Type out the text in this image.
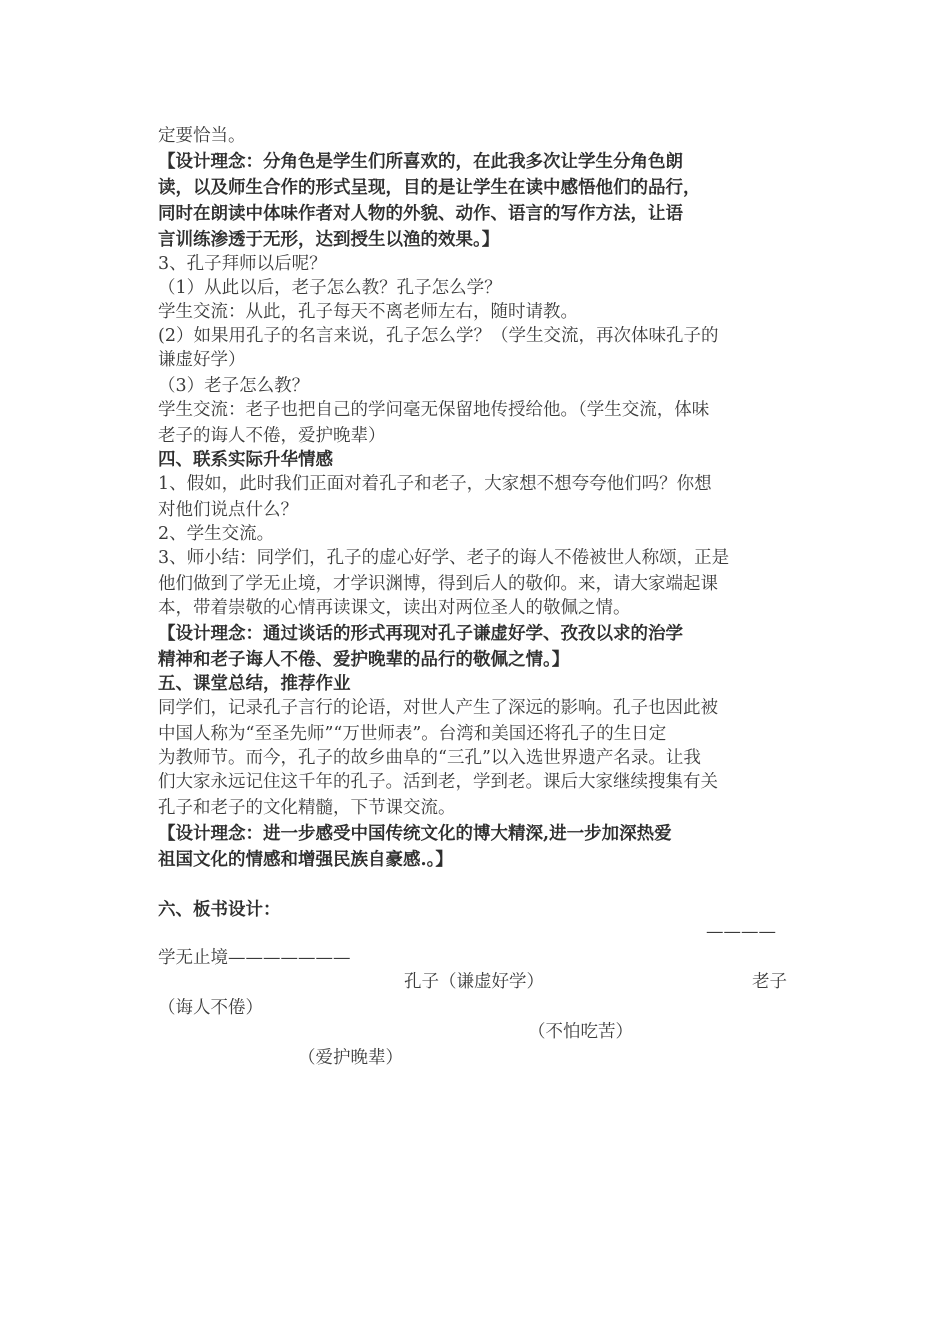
定要恰当。
【设计理念：分角色是学生们所喜欢的，在此我多次让学生分角色朗
读，以及师生合作的形式呈现，目的是让学生在读中感悟他们的品行，
同时在朗读中体味作者对人物的外貌、动作、语言的写作方法，让语
言训练渗透于无形，达到授生以渔的效果。】
3、孔子拜师以后呢？
（1）从此以后，老子怎么教？孔子怎么学？
学生交流：从此，孔子每天不离老师左右，随时请教。
(2）如果用孔子的名言来说，孔子怎么学？（学生交流，再次体味孔子的
谦虚好学）
（3）老子怎么教？
学生交流：老子也把自己的学问毫无保留地传授给他。（学生交流，体味
老子的诲人不倦，爱护晚辈）
四、联系实际升华情感
1、假如，此时我们正面对着孔子和老子，大家想不想夸夸他们吗？你想
对他们说点什么？
2、学生交流。
3、师小结：同学们，孔子的虚心好学、老子的诲人不倦被世人称颂，正是
他们做到了学无止境，才学识渊博，得到后人的敬仰。来，请大家端起课
本，带着崇敬的心情再读课文，读出对两位圣人的敬佩之情。
【设计理念：通过谈话的形式再现对孔子谦虚好学、孜孜以求的治学
精神和老子诲人不倦、爱护晚辈的品行的敬佩之情。】
五、课堂总结，推荐作业
同学们，记录孔子言行的论语，对世人产生了深远的影响。孔子也因此被
中国人称为“至圣先师”“万世师表”。台湾和美国还将孔子的生日定
为教师节。而今，孔子的故乡曲阜的“三孔”以入选世界遗产名录。让我
们大家永远记住这千年的孔子。活到老，学到老。课后大家继续搜集有关
孔子和老子的文化精髓，下节课交流。
【设计理念：进一步感受中国传统文化的博大精深,进一步加深热爱
祖国文化的情感和增强民族自豪感.。】
六、板书设计：
————
学无止境———————
孔子（谦虚好学）	老子
（诲人不倦）
（不怕吃苦）
（爱护晚辈）
